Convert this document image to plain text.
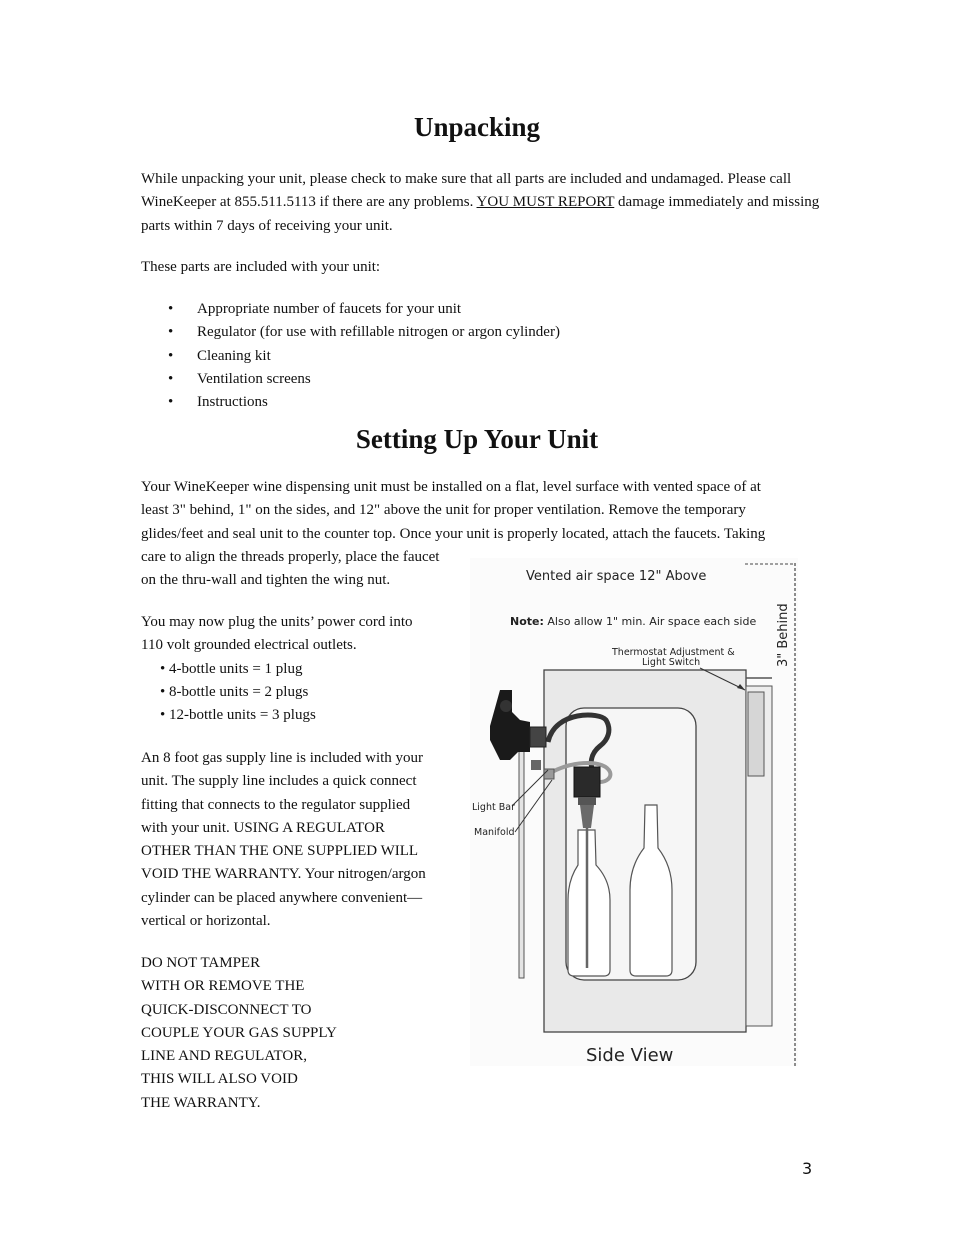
Unpacking

While unpacking your unit, please check to make sure that all parts are included and undamaged. Please call WineKeeper at 855.511.5113 if there are any problems. YOU MUST REPORT damage immediately and missing parts within 7 days of receiving your unit.

These parts are included with your unit:

• Appropriate number of faucets for your unit
• Regulator (for use with refillable nitrogen or argon cylinder)
• Cleaning kit
• Ventilation screens
• Instructions
Setting Up Your Unit
Your WineKeeper wine dispensing unit must be installed on a flat, level surface with vented space of at
least 3" behind, 1" on the sides, and 12" above the unit for proper ventilation. Remove the temporary
glides/feet and seal unit to the counter top. Once your unit is properly located, attach the faucets. Taking
care to align the threads properly, place the faucet
on the thru-wall and tighten the wing nut.
You may now plug the units’ power cord into
110 volt grounded electrical outlets.
• 4-bottle units = 1 plug
• 8-bottle units = 2 plugs
• 12-bottle units = 3 plugs
An 8 foot gas supply line is included with your
unit. The supply line includes a quick connect
fitting that connects to the regulator supplied
with your unit. USING A REGULATOR
OTHER THAN THE ONE SUPPLIED WILL
VOID THE WARRANTY. Your nitrogen/argon
cylinder can be placed anywhere convenient—
vertical or horizontal.
DO NOT TAMPER
WITH OR REMOVE THE
QUICK-DISCONNECT TO
COUPLE YOUR GAS SUPPLY
LINE AND REGULATOR,
THIS WILL ALSO VOID
THE WARRANTY.
Vented air space 12" Above
Note: Also allow 1" min. Air space each side
Thermostat Adjustment &
Light Switch	3" Behind
Light Bar
Manifold
Side View
3
